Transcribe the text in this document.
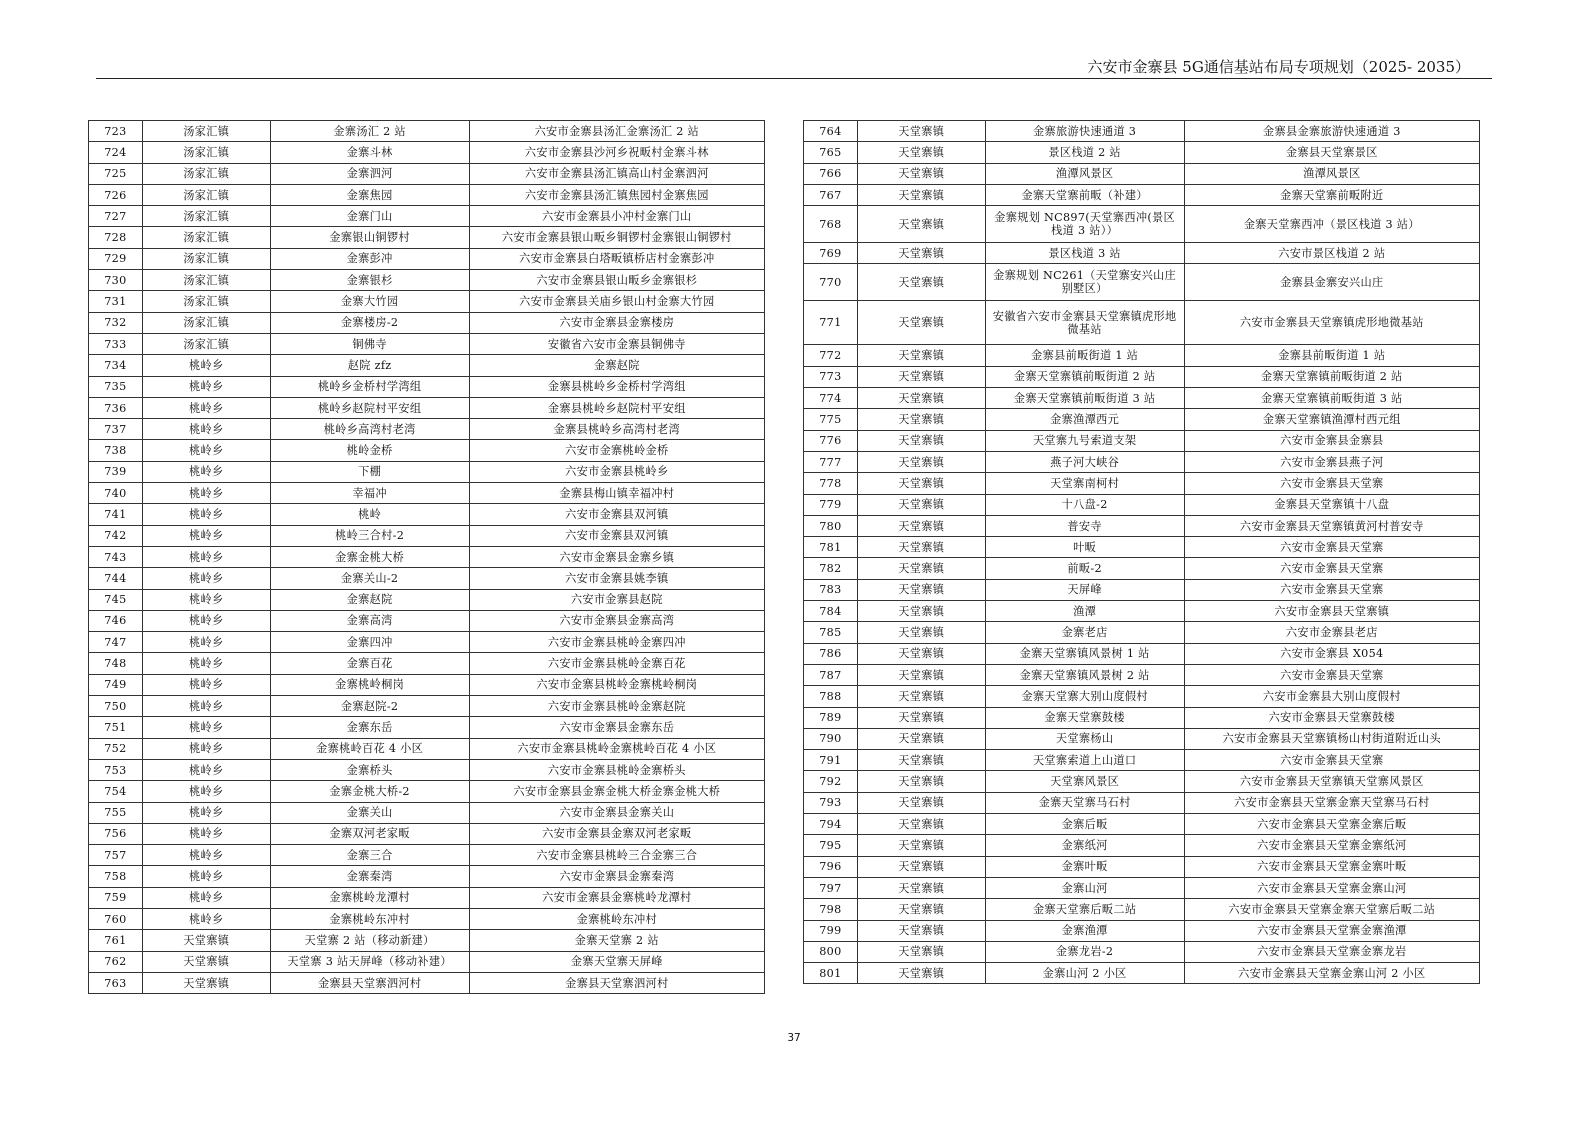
六安市金寨县 5G通信基站布局专项规划（2025- 2035）
723	汤家汇镇	金寨汤汇 2 站	六安市金寨县汤汇金寨汤汇 2 站
724	汤家汇镇	金寨斗林	六安市金寨县沙河乡祝畈村金寨斗林
725	汤家汇镇	金寨泗河	六安市金寨县汤汇镇高山村金寨泗河
726	汤家汇镇	金寨焦园	六安市金寨县汤汇镇焦园村金寨焦园
727	汤家汇镇	金寨门山	六安市金寨县小冲村金寨门山
728	汤家汇镇	金寨银山铜锣村	六安市金寨县银山畈乡铜锣村金寨银山铜锣村
729	汤家汇镇	金寨彭冲	六安市金寨县白塔畈镇桥店村金寨彭冲
730	汤家汇镇	金寨银杉	六安市金寨县银山畈乡金寨银杉
731	汤家汇镇	金寨大竹园	六安市金寨县关庙乡银山村金寨大竹园
732	汤家汇镇	金寨楼房-2	六安市金寨县金寨楼房
733	汤家汇镇	铜佛寺	安徽省六安市金寨县铜佛寺
734	桃岭乡	赵院 zfz	金寨赵院
735	桃岭乡	桃岭乡金桥村学湾组	金寨县桃岭乡金桥村学湾组
736	桃岭乡	桃岭乡赵院村平安组	金寨县桃岭乡赵院村平安组
737	桃岭乡	桃岭乡高湾村老湾	金寨县桃岭乡高湾村老湾
738	桃岭乡	桃岭金桥	六安市金寨桃岭金桥
739	桃岭乡	下棚	六安市金寨县桃岭乡
740	桃岭乡	幸福冲	金寨县梅山镇幸福冲村
741	桃岭乡	桃岭	六安市金寨县双河镇
742	桃岭乡	桃岭三合村-2	六安市金寨县双河镇
743	桃岭乡	金寨金桃大桥	六安市金寨县金寨乡镇
744	桃岭乡	金寨关山-2	六安市金寨县姚李镇
745	桃岭乡	金寨赵院	六安市金寨县赵院
746	桃岭乡	金寨高湾	六安市金寨县金寨高湾
747	桃岭乡	金寨四冲	六安市金寨县桃岭金寨四冲
748	桃岭乡	金寨百花	六安市金寨县桃岭金寨百花
749	桃岭乡	金寨桃岭桐岗	六安市金寨县桃岭金寨桃岭桐岗
750	桃岭乡	金寨赵院-2	六安市金寨县桃岭金寨赵院
751	桃岭乡	金寨东岳	六安市金寨县金寨东岳
752	桃岭乡	金寨桃岭百花 4 小区	六安市金寨县桃岭金寨桃岭百花 4 小区
753	桃岭乡	金寨桥头	六安市金寨县桃岭金寨桥头
754	桃岭乡	金寨金桃大桥-2	六安市金寨县金寨金桃大桥金寨金桃大桥
755	桃岭乡	金寨关山	六安市金寨县金寨关山
756	桃岭乡	金寨双河老家畈	六安市金寨县金寨双河老家畈
757	桃岭乡	金寨三合	六安市金寨县桃岭三合金寨三合
758	桃岭乡	金寨秦湾	六安市金寨县金寨秦湾
759	桃岭乡	金寨桃岭龙潭村	六安市金寨县金寨桃岭龙潭村
760	桃岭乡	金寨桃岭东冲村	金寨桃岭东冲村
761	天堂寨镇	天堂寨 2 站（移动新建）	金寨天堂寨 2 站
762	天堂寨镇	天堂寨 3 站天屏峰（移动补建）	金寨天堂寨天屏峰
763	天堂寨镇	金寨县天堂寨泗河村	金寨县天堂寨泗河村
764	天堂寨镇	金寨旅游快速通道 3	金寨县金寨旅游快速通道 3
765	天堂寨镇	景区栈道 2 站	金寨县天堂寨景区
766	天堂寨镇	渔潭风景区	渔潭风景区
767	天堂寨镇	金寨天堂寨前畈（补建）	金寨天堂寨前畈附近
768	天堂寨镇	金寨规划 NC897(天堂寨西冲(景区栈道 3 站））	金寨天堂寨西冲（景区栈道 3 站）
769	天堂寨镇	景区栈道 3 站	六安市景区栈道 2 站
770	天堂寨镇	金寨规划 NC261（天堂寨安兴山庄别墅区）	金寨县金寨安兴山庄
771	天堂寨镇	安徽省六安市金寨县天堂寨镇虎形地微基站	六安市金寨县天堂寨镇虎形地微基站
772	天堂寨镇	金寨县前畈街道 1 站	金寨县前畈街道 1 站
773	天堂寨镇	金寨天堂寨镇前畈街道 2 站	金寨天堂寨镇前畈街道 2 站
774	天堂寨镇	金寨天堂寨镇前畈街道 3 站	金寨天堂寨镇前畈街道 3 站
775	天堂寨镇	金寨渔潭西元	金寨天堂寨镇渔潭村西元组
776	天堂寨镇	天堂寨九号索道支架	六安市金寨县金寨县
777	天堂寨镇	燕子河大峡谷	六安市金寨县燕子河
778	天堂寨镇	天堂寨南柯村	六安市金寨县天堂寨
779	天堂寨镇	十八盘-2	金寨县天堂寨镇十八盘
780	天堂寨镇	普安寺	六安市金寨县天堂寨镇黄河村普安寺
781	天堂寨镇	叶畈	六安市金寨县天堂寨
782	天堂寨镇	前畈-2	六安市金寨县天堂寨
783	天堂寨镇	天屏峰	六安市金寨县天堂寨
784	天堂寨镇	渔潭	六安市金寨县天堂寨镇
785	天堂寨镇	金寨老店	六安市金寨县老店
786	天堂寨镇	金寨天堂寨镇风景树 1 站	六安市金寨县 X054
787	天堂寨镇	金寨天堂寨镇风景树 2 站	六安市金寨县天堂寨
788	天堂寨镇	金寨天堂寨大别山度假村	六安市金寨县大别山度假村
789	天堂寨镇	金寨天堂寨鼓楼	六安市金寨县天堂寨鼓楼
790	天堂寨镇	天堂寨杨山	六安市金寨县天堂寨镇杨山村街道附近山头
791	天堂寨镇	天堂寨索道上山道口	六安市金寨县天堂寨
792	天堂寨镇	天堂寨风景区	六安市金寨县天堂寨镇天堂寨风景区
793	天堂寨镇	金寨天堂寨马石村	六安市金寨县天堂寨金寨天堂寨马石村
794	天堂寨镇	金寨后畈	六安市金寨县天堂寨金寨后畈
795	天堂寨镇	金寨纸河	六安市金寨县天堂寨金寨纸河
796	天堂寨镇	金寨叶畈	六安市金寨县天堂寨金寨叶畈
797	天堂寨镇	金寨山河	六安市金寨县天堂寨金寨山河
798	天堂寨镇	金寨天堂寨后畈二站	六安市金寨县天堂寨金寨天堂寨后畈二站
799	天堂寨镇	金寨渔潭	六安市金寨县天堂寨金寨渔潭
800	天堂寨镇	金寨龙岩-2	六安市金寨县天堂寨金寨龙岩
801	天堂寨镇	金寨山河 2 小区	六安市金寨县天堂寨金寨山河 2 小区
37
